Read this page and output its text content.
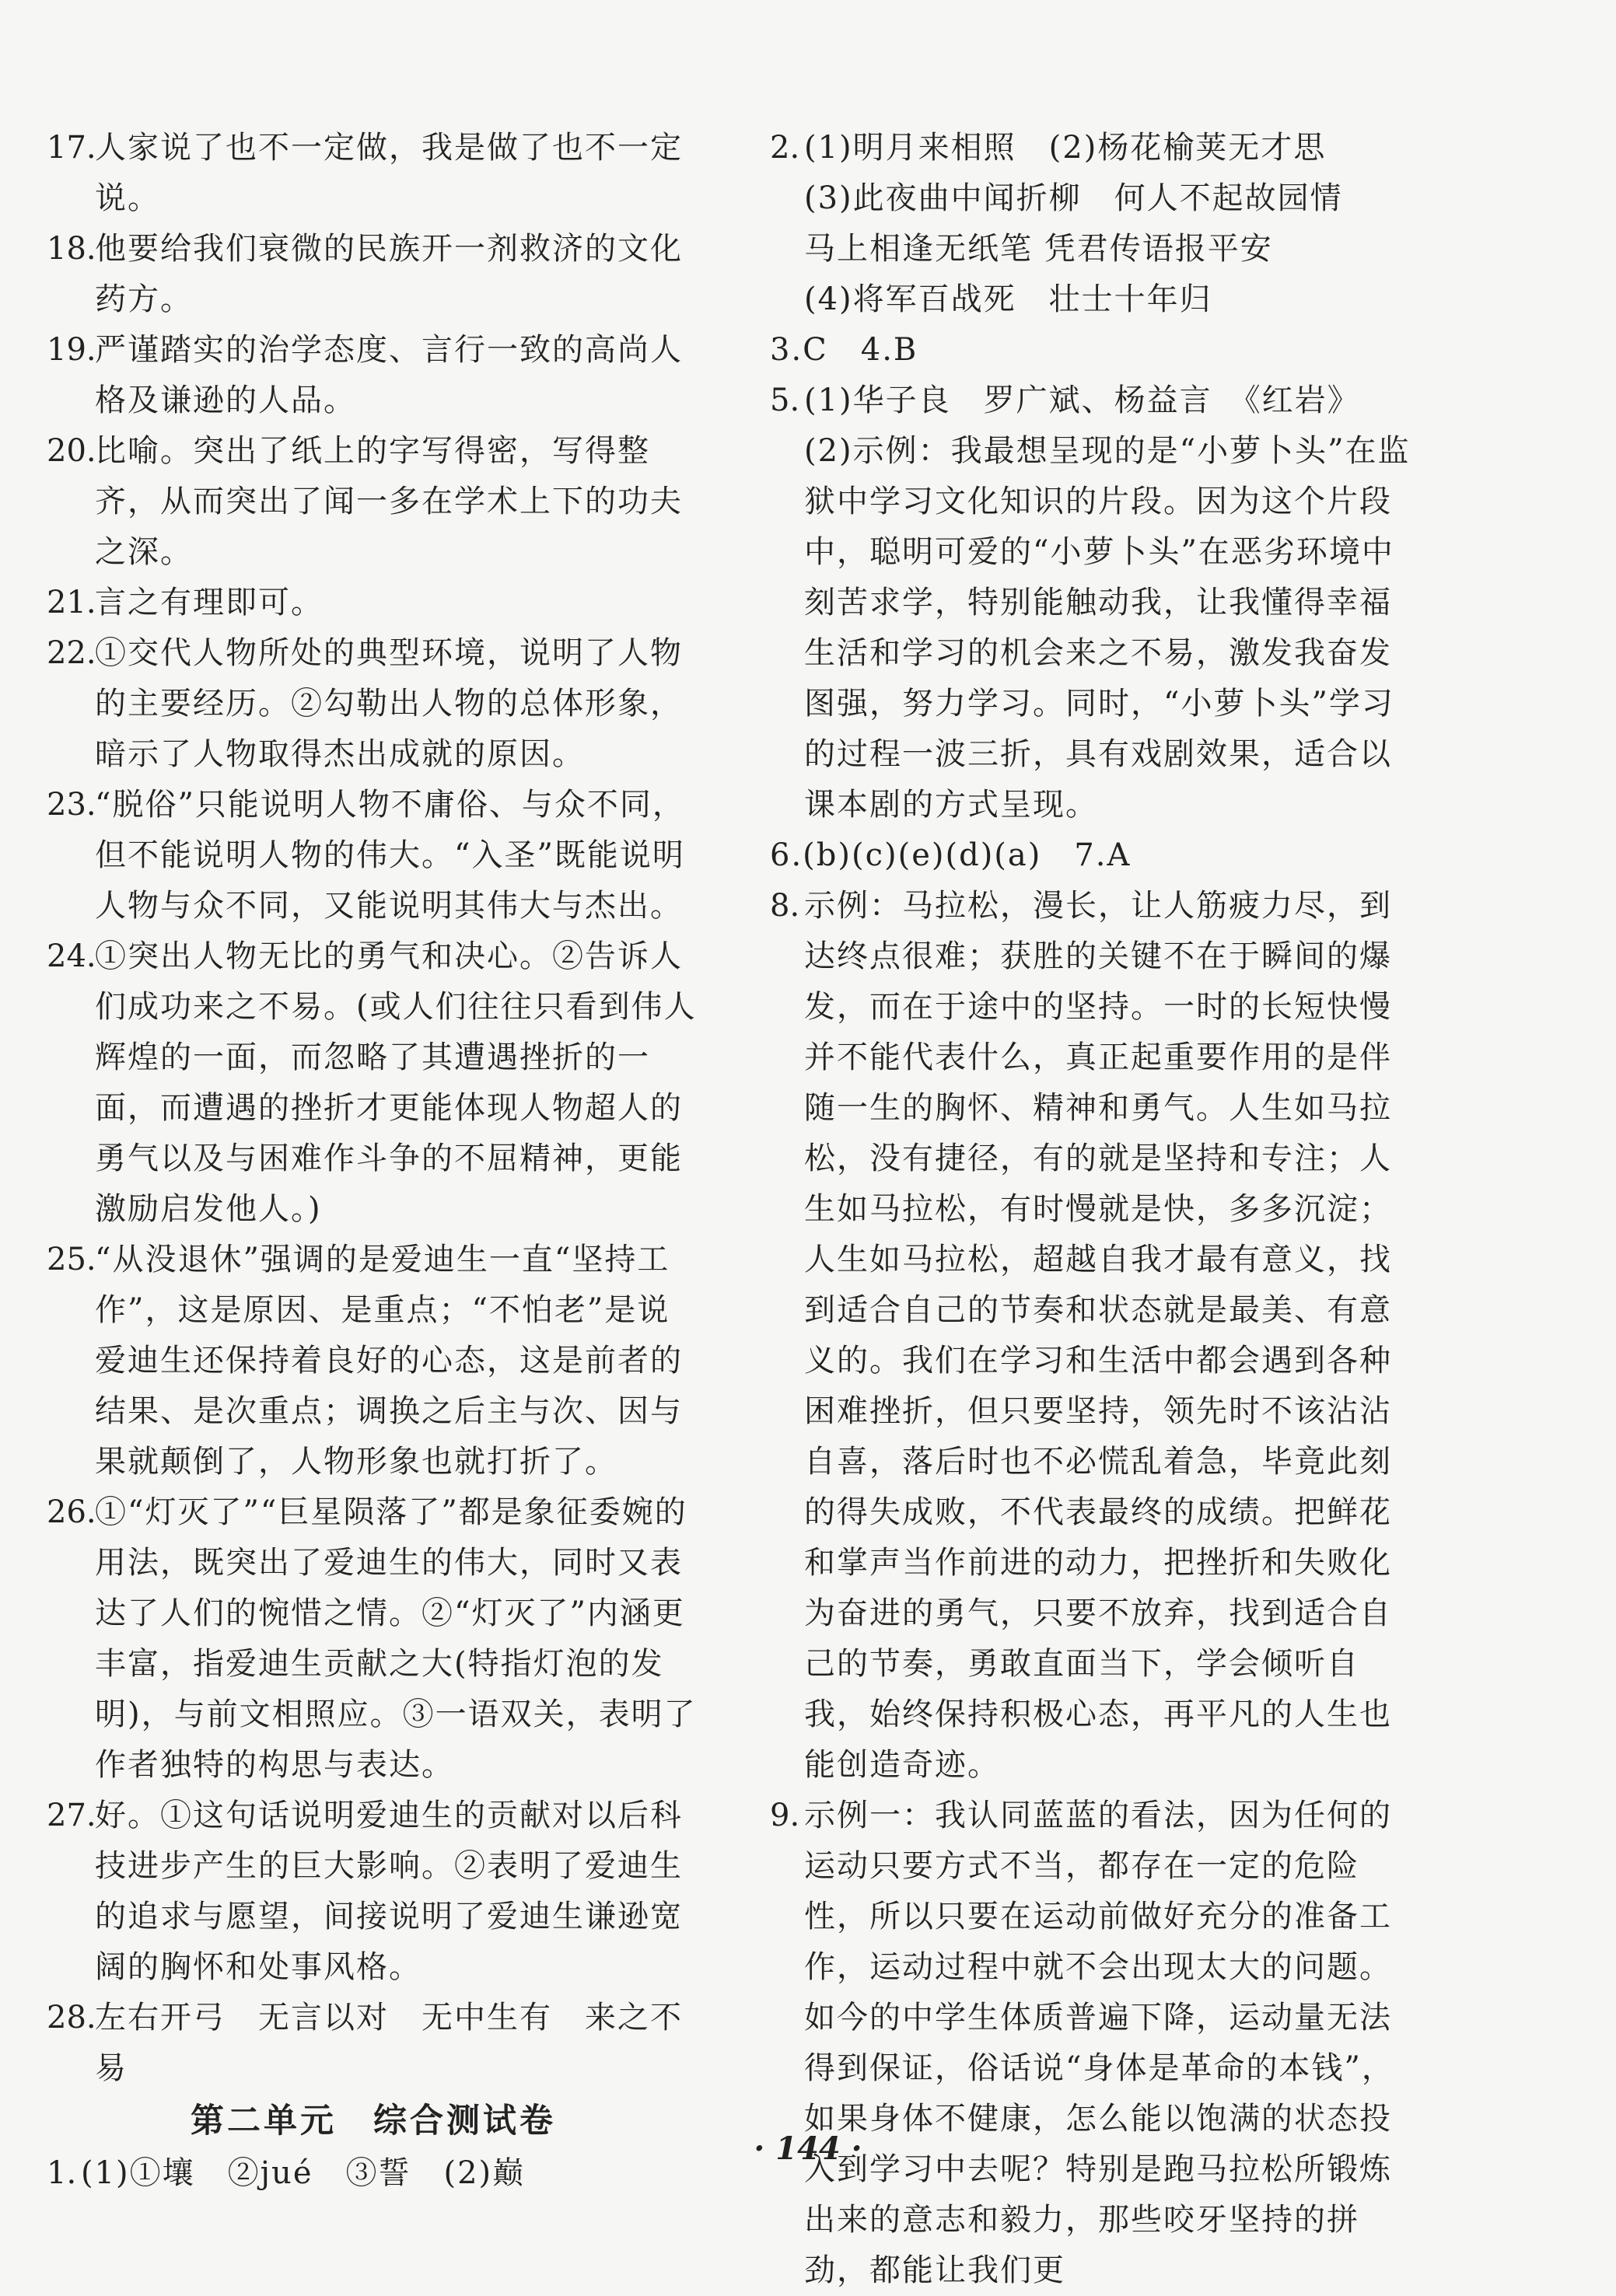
17.
人家说了也不一定做，我是做了也不一定说。
18.
他要给我们衰微的民族开一剂救济的文化药方。
19.
严谨踏实的治学态度、言行一致的高尚人格及谦逊的人品。
20.
比喻。突出了纸上的字写得密，写得整齐，从而突出了闻一多在学术上下的功夫之深。
21.
言之有理即可。
22.
①交代人物所处的典型环境，说明了人物的主要经历。②勾勒出人物的总体形象，暗示了人物取得杰出成就的原因。
23.
“脱俗”只能说明人物不庸俗、与众不同，但不能说明人物的伟大。“入圣”既能说明人物与众不同，又能说明其伟大与杰出。
24.
①突出人物无比的勇气和决心。②告诉人们成功来之不易。(或人们往往只看到伟人辉煌的一面，而忽略了其遭遇挫折的一面，而遭遇的挫折才更能体现人物超人的勇气以及与困难作斗争的不屈精神，更能激励启发他人。)
25.
“从没退休”强调的是爱迪生一直“坚持工作”，这是原因、是重点；“不怕老”是说爱迪生还保持着良好的心态，这是前者的结果、是次重点；调换之后主与次、因与果就颠倒了，人物形象也就打折了。
26.
①“灯灭了”“巨星陨落了”都是象征委婉的用法，既突出了爱迪生的伟大，同时又表达了人们的惋惜之情。②“灯灭了”内涵更丰富，指爱迪生贡献之大(特指灯泡的发明)，与前文相照应。③一语双关，表明了作者独特的构思与表达。
27.
好。①这句话说明爱迪生的贡献对以后科技进步产生的巨大影响。②表明了爱迪生的追求与愿望，间接说明了爱迪生谦逊宽阔的胸怀和处事风格。
28.
左右开弓　无言以对　无中生有　来之不易
第二单元　综合测试卷
1. (1)①壤　②jué　③誓　(2)巅
2. (1)明月来相照　(2)杨花榆荚无才思
(3)此夜曲中闻折柳　何人不起故园情
马上相逢无纸笔 凭君传语报平安
(4)将军百战死　壮士十年归
3.C　4.B
5. (1)华子良　罗广斌、杨益言　《红岩》
(2)示例：我最想呈现的是“小萝卜头”在监狱中学习文化知识的片段。因为这个片段中，聪明可爱的“小萝卜头”在恶劣环境中刻苦求学，特别能触动我，让我懂得幸福生活和学习的机会来之不易，激发我奋发图强，努力学习。同时，“小萝卜头”学习的过程一波三折，具有戏剧效果，适合以课本剧的方式呈现。
6.(b)(c)(e)(d)(a)　7.A
8. 示例：马拉松，漫长，让人筋疲力尽，到达终点很难；获胜的关键不在于瞬间的爆发，而在于途中的坚持。一时的长短快慢并不能代表什么，真正起重要作用的是伴随一生的胸怀、精神和勇气。人生如马拉松，没有捷径，有的就是坚持和专注；人生如马拉松，有时慢就是快，多多沉淀；人生如马拉松，超越自我才最有意义，找到适合自己的节奏和状态就是最美、有意义的。我们在学习和生活中都会遇到各种困难挫折，但只要坚持，领先时不该沾沾自喜，落后时也不必慌乱着急，毕竟此刻的得失成败，不代表最终的成绩。把鲜花和掌声当作前进的动力，把挫折和失败化为奋进的勇气，只要不放弃，找到适合自己的节奏，勇敢直面当下，学会倾听自我，始终保持积极心态，再平凡的人生也能创造奇迹。
9. 示例一：我认同蓝蓝的看法，因为任何的运动只要方式不当，都存在一定的危险性，所以只要在运动前做好充分的准备工作，运动过程中就不会出现太大的问题。如今的中学生体质普遍下降，运动量无法得到保证，俗话说“身体是革命的本钱”，如果身体不健康，怎么能以饱满的状态投入到学习中去呢？特别是跑马拉松所锻炼出来的意志和毅力，那些咬牙坚持的拼劲，都能让我们更
· 144 ·
